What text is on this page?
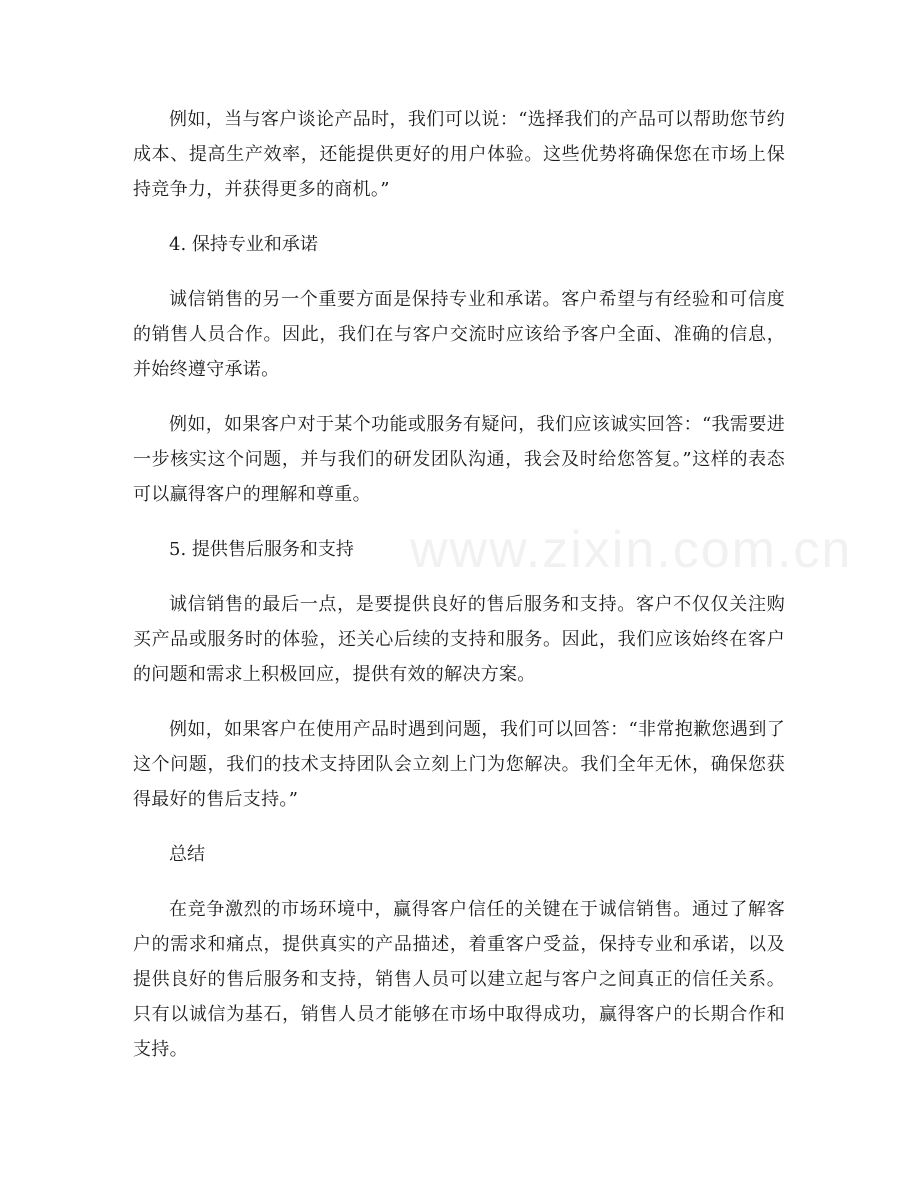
例如，当与客户谈论产品时，我们可以说：“选择我们的产品可以帮助您节约成本、提高生产效率，还能提供更好的用户体验。这些优势将确保您在市场上保持竞争力，并获得更多的商机。”

4. 保持专业和承诺

诚信销售的另一个重要方面是保持专业和承诺。客户希望与有经验和可信度的销售人员合作。因此，我们在与客户交流时应该给予客户全面、准确的信息，并始终遵守承诺。

例如，如果客户对于某个功能或服务有疑问，我们应该诚实回答：“我需要进一步核实这个问题，并与我们的研发团队沟通，我会及时给您答复。”这样的表态可以赢得客户的理解和尊重。

5. 提供售后服务和支持

诚信销售的最后一点，是要提供良好的售后服务和支持。客户不仅仅关注购买产品或服务时的体验，还关心后续的支持和服务。因此，我们应该始终在客户的问题和需求上积极回应，提供有效的解决方案。

例如，如果客户在使用产品时遇到问题，我们可以回答：“非常抱歉您遇到了这个问题，我们的技术支持团队会立刻上门为您解决。我们全年无休，确保您获得最好的售后支持。”

总结

在竞争激烈的市场环境中，赢得客户信任的关键在于诚信销售。通过了解客户的需求和痛点，提供真实的产品描述，着重客户受益，保持专业和承诺，以及提供良好的售后服务和支持，销售人员可以建立起与客户之间真正的信任关系。只有以诚信为基石，销售人员才能够在市场中取得成功，赢得客户的长期合作和支持。

www.zixin.com.cn
